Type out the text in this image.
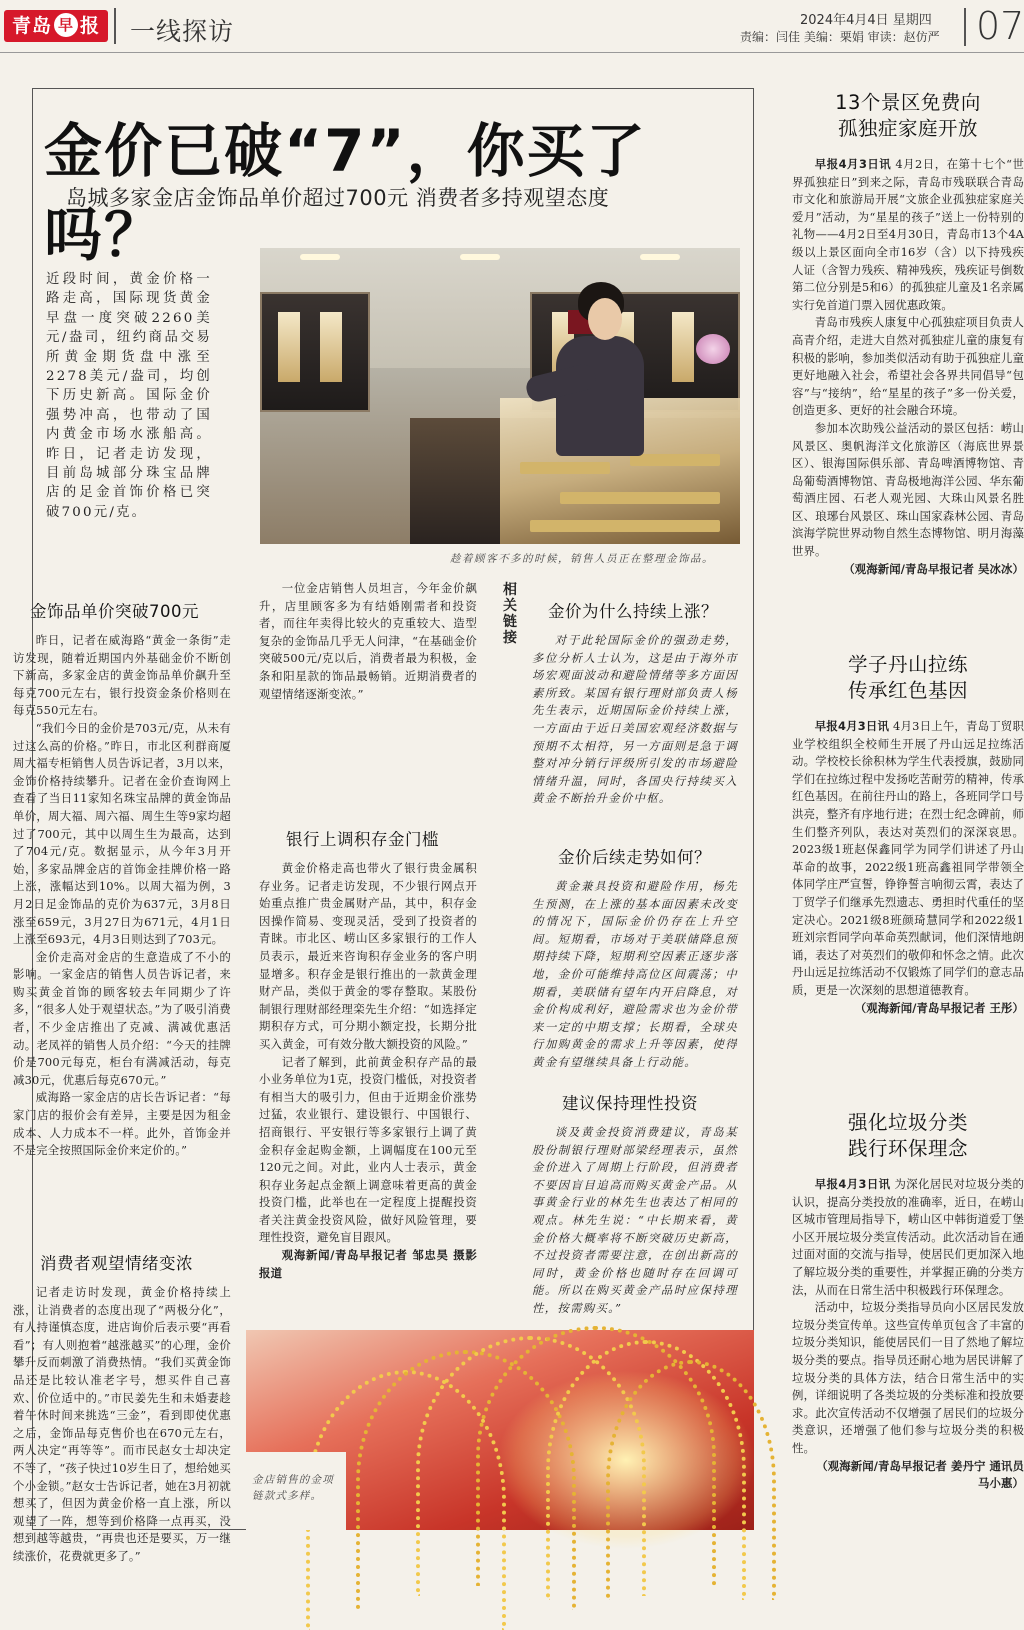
青岛 早 报	一线探访	2024年4月4日 星期四
责编：闫佳 美编：栗娟 审读：赵仿严 07
金价已破“7”，你买了吗？
岛城多家金店金饰品单价超过700元 消费者多持观望态度
近段时间，黄金价格一路走高，国际现货黄金早盘一度突破2260美元/盎司，纽约商品交易所黄金期货盘中涨至2278美元/盎司，均创下历史新高。国际金价强势冲高，也带动了国内黄金市场水涨船高。昨日，记者走访发现，目前岛城部分珠宝品牌店的足金首饰价格已突破700元/克。
趁着顾客不多的时候，销售人员正在整理金饰品。
金饰品单价突破700元

昨日，记者在威海路“黄金一条街”走访发现，随着近期国内外基础金价不断创下新高，多家金店的黄金饰品单价飙升至每克700元左右，银行投资金条价格则在每克550元左右。

“我们今日的金价是703元/克，从未有过这么高的价格。”昨日，市北区利群商厦周大福专柜销售人员告诉记者，3月以来，金饰价格持续攀升。记者在金价查询网上查看了当日11家知名珠宝品牌的黄金饰品单价，周大福、周六福、周生生等9家均超过了700元，其中以周生生为最高，达到了704元/克。数据显示，从今年3月开始，多家品牌金店的首饰金挂牌价格一路上涨，涨幅达到10%。以周大福为例，3月2日足金饰品的克价为637元，3月8日涨至659元，3月27日为671元，4月1日上涨至693元，4月3日则达到了703元。

金价走高对金店的生意造成了不小的影响。一家金店的销售人员告诉记者，来购买黄金首饰的顾客较去年同期少了许多，“很多人处于观望状态。”为了吸引消费者，不少金店推出了克减、满减优惠活动。老凤祥的销售人员介绍：“今天的挂牌价是700元每克，柜台有满减活动，每克减30元，优惠后每克670元。”

威海路一家金店的店长告诉记者：“每家门店的报价会有差异，主要是因为租金成本、人力成本不一样。此外，首饰金并不是完全按照国际金价来定价的。”

消费者观望情绪变浓

记者走访时发现，黄金价格持续上涨，让消费者的态度出现了“两极分化”，有人持谨慎态度，进店询价后表示要“再看看”；有人则抱着“越涨越买”的心理，金价攀升反而刺激了消费热情。“我们买黄金饰品还是比较认准老字号，想买件自己喜欢、价位适中的。”市民姜先生和未婚妻趁着午休时间来挑选“三金”，看到即使优惠之后，金饰品每克售价也在670元左右，两人决定“再等等”。而市民赵女士却决定不等了，“孩子快过10岁生日了，想给她买个小金锁。”赵女士告诉记者，她在3月初就想买了，但因为黄金价格一直上涨，所以观望了一阵，想等到价格降一点再买，没想到越等越贵，“再贵也还是要买，万一继续涨价，花费就更多了。”

一位金店销售人员坦言，今年金价飙升，店里顾客多为有结婚刚需者和投资者，而往年卖得比较火的克重较大、造型复杂的金饰品几乎无人问津，“在基础金价突破500元/克以后，消费者最为积极，金条和阳星款的饰品最畅销。近期消费者的观望情绪逐渐变浓。”

银行上调积存金门槛

黄金价格走高也带火了银行贵金属积存业务。记者走访发现，不少银行网点开始重点推广贵金属财产品，其中，积存金因操作简易、变现灵活，受到了投资者的青睐。市北区、崂山区多家银行的工作人员表示，最近来咨询积存金业务的客户明显增多。积存金是银行推出的一款黄金理财产品，类似于黄金的零存整取。某股份制银行理财部经理栾先生介绍：“如选择定期积存方式，可分期小额定投，长期分批买入黄金，可有效分散大额投资的风险。”

记者了解到，此前黄金积存产品的最小业务单位为1克，投资门槛低，对投资者有相当大的吸引力，但由于近期金价涨势过猛，农业银行、建设银行、中国银行、招商银行、平安银行等多家银行上调了黄金积存金起购金额，上调幅度在100元至120元之间。对此，业内人士表示，黄金积存业务起点金额上调意味着更高的黄金投资门槛，此举也在一定程度上提醒投资者关注黄金投资风险，做好风险管理，要理性投资，避免盲目跟风。

观海新闻/青岛早报记者 邹忠昊 摄影报道

相关链接
金价为什么持续上涨？

对于此轮国际金价的强劲走势，多位分析人士认为，这是由于海外市场宏观面波动和避险情绪等多方面因素所致。某国有银行理财部负责人杨先生表示，近期国际金价持续上涨，一方面由于近日美国宏观经济数据与预期不太相符，另一方面则是急于调整对冲分销行评级所引发的市场避险情绪升温，同时，各国央行持续买入黄金不断抬升金价中枢。

金价后续走势如何？

黄金兼具投资和避险作用，杨先生预测，在上涨的基本面因素未改变的情况下，国际金价仍存在上升空间。短期看，市场对于美联储降息预期持续下降，短期利空因素正逐步落地，金价可能维持高位区间震荡；中期看，美联储有望年内开启降息，对金价构成利好，避险需求也为金价带来一定的中期支撑；长期看，全球央行加购黄金的需求上升等因素，使得黄金有望继续具备上行动能。

建议保持理性投资

谈及黄金投资消费建议，青岛某股份制银行理财部梁经理表示，虽然金价进入了周期上行阶段，但消费者不要因盲目追高而购买黄金产品。从事黄金行业的林先生也表达了相同的观点。林先生说：“中长期来看，黄金价格大概率将不断突破历史新高，不过投资者需要注意，在创出新高的同时，黄金价格也随时存在回调可能。所以在购买黄金产品时应保持理性，按需购买。”

金店销售的金项链款式多样。
13个景区免费向
孤独症家庭开放

早报4月3日讯 4月2日，在第十七个“世界孤独症日”到来之际，青岛市残联联合青岛市文化和旅游局开展“文旅企业孤独症家庭关爱月”活动，为“星星的孩子”送上一份特别的礼物——4月2日至4月30日，青岛市13个4A级以上景区面向全市16岁（含）以下持残疾人证（含智力残疾、精神残疾，残疾证号倒数第二位分别是5和6）的孤独症儿童及1名亲属实行免首道门票入园优惠政策。

青岛市残疾人康复中心孤独症项目负责人高青介绍，走进大自然对孤独症儿童的康复有积极的影响，参加类似活动有助于孤独症儿童更好地融入社会，希望社会各界共同倡导“包容”与“接纳”，给“星星的孩子”多一份关爱，创造更多、更好的社会融合环境。

参加本次助残公益活动的景区包括：崂山风景区、奥帆海洋文化旅游区（海底世界景区）、银海国际俱乐部、青岛啤酒博物馆、青岛葡萄酒博物馆、青岛极地海洋公园、华东葡萄酒庄园、石老人观光园、大珠山风景名胜区、琅琊台风景区、珠山国家森林公园、青岛滨海学院世界动物自然生态博物馆、明月海藻世界。

（观海新闻/青岛早报记者 吴冰冰）

学子丹山拉练
传承红色基因

早报4月3日讯 4月3日上午，青岛丁贸职业学校组织全校师生开展了丹山远足拉练活动。学校校长徐积林为学生代表授旗，鼓励同学们在拉练过程中发扬吃苦耐劳的精神，传承红色基因。在前往丹山的路上，各班同学口号洪亮，整齐有序地行进；在烈士纪念碑前，师生们整齐列队，表达对英烈们的深深哀思。2023级1班赵保鑫同学为同学们讲述了丹山革命的故事，2022级1班高鑫祖同学带领全体同学庄严宣誓，铮铮誓言响彻云霄，表达了丁贸学子们继承先烈遗志、勇担时代重任的坚定决心。2021级8班颜琦慧同学和2022级1班刘宗哲同学向革命英烈献词，他们深情地朗诵，表达了对英烈们的敬仰和怀念之情。此次丹山远足拉练活动不仅锻炼了同学们的意志品质，更是一次深刻的思想道德教育。

（观海新闻/青岛早报记者 王彤）

强化垃圾分类
践行环保理念

早报4月3日讯 为深化居民对垃圾分类的认识，提高分类投放的准确率，近日，在崂山区城市管理局指导下，崂山区中韩街道爱丁堡小区开展垃圾分类宣传活动。此次活动旨在通过面对面的交流与指导，使居民们更加深入地了解垃圾分类的重要性，并掌握正确的分类方法，从而在日常生活中积极践行环保理念。

活动中，垃圾分类指导员向小区居民发放垃圾分类宣传单。这些宣传单页包含了丰富的垃圾分类知识，能使居民们一目了然地了解垃圾分类的要点。指导员还耐心地为居民讲解了垃圾分类的具体方法，结合日常生活中的实例，详细说明了各类垃圾的分类标准和投放要求。此次宣传活动不仅增强了居民们的垃圾分类意识，还增强了他们参与垃圾分类的积极性。

（观海新闻/青岛早报记者 姜丹宁 通讯员 马小惠）
